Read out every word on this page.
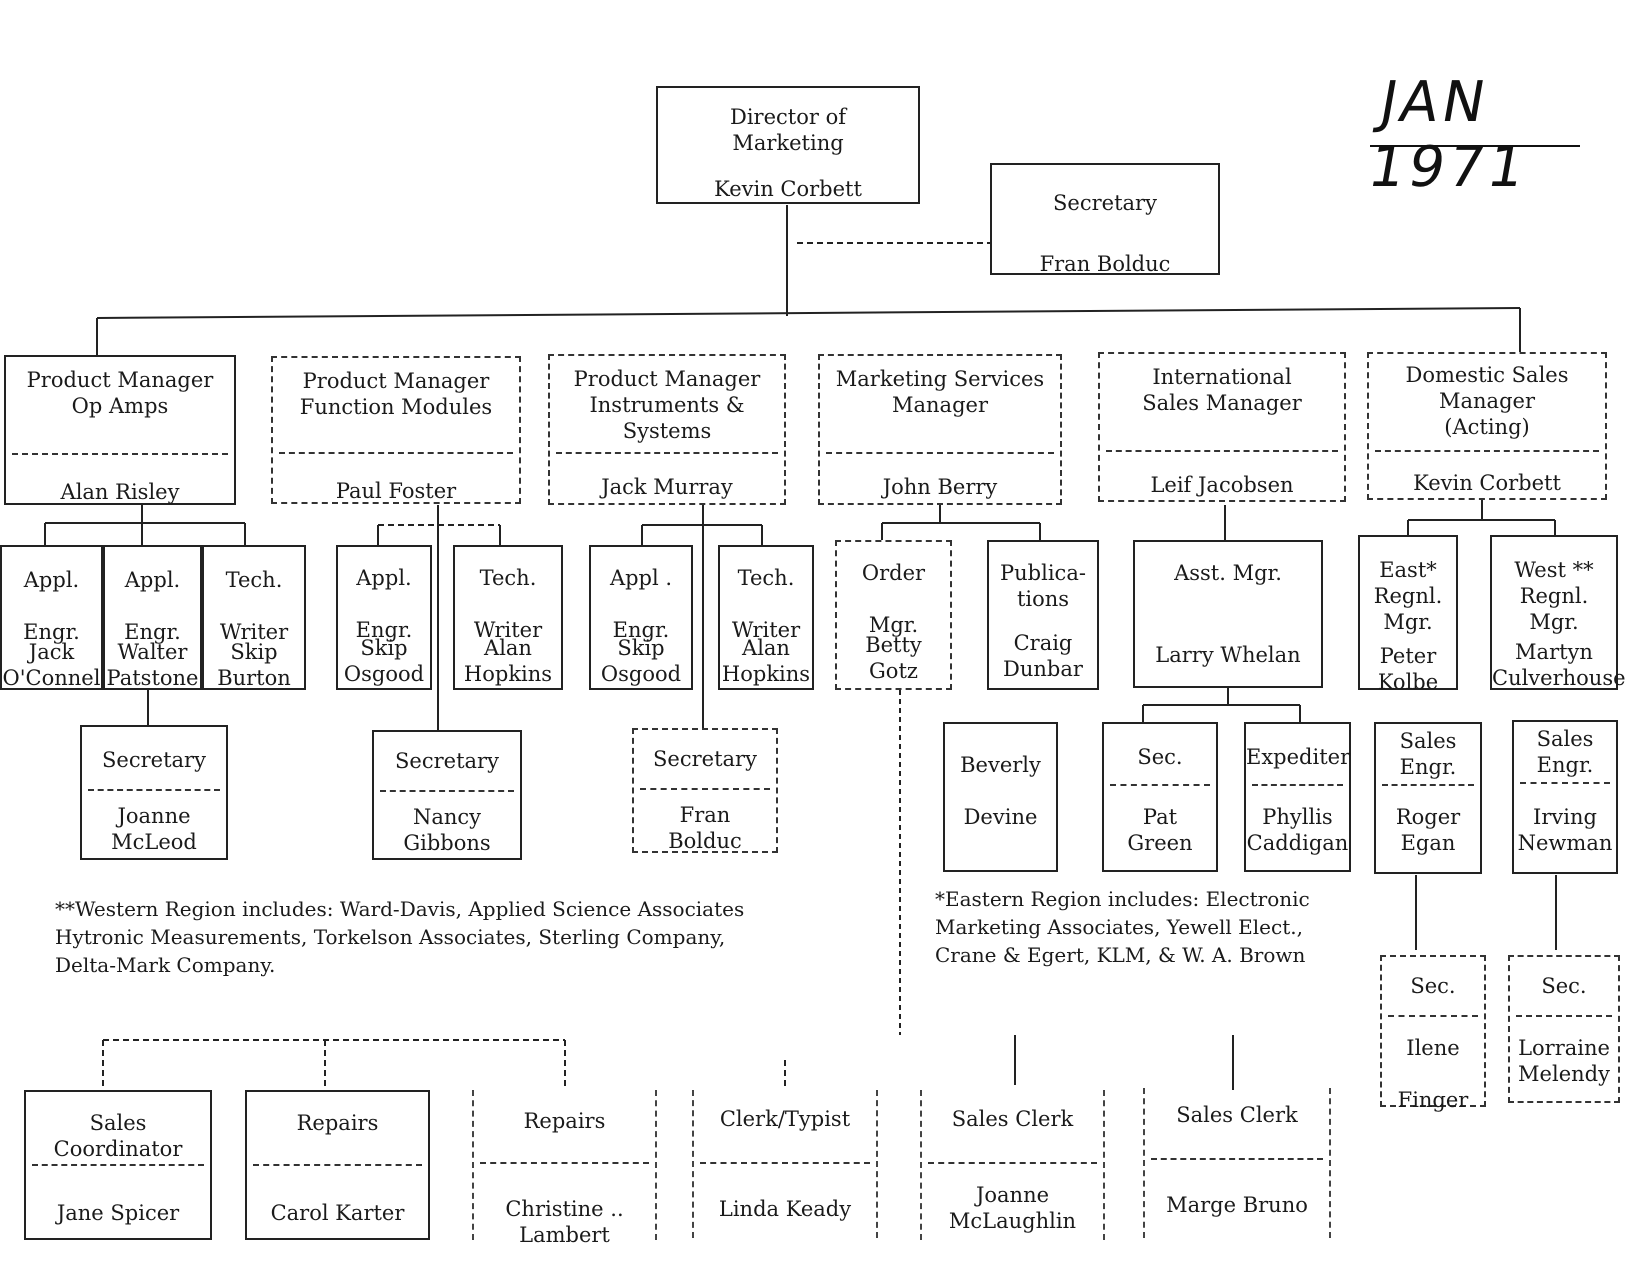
JAN 1971
Director of
Marketing
Kevin Corbett
Secretary
Fran Bolduc
Product Manager
Op Amps
Alan Risley
Product Manager
Function Modules
Paul Foster
Product Manager
Instruments &
Systems
Jack Murray
Marketing Services
Manager
John Berry
International
Sales Manager
Leif Jacobsen
Domestic Sales
Manager
(Acting)
Kevin Corbett
Appl.

Engr.
Jack
O'Connel
Appl.

Engr.
Walter
Patstone
Tech.

Writer
Skip
Burton
Appl.

Engr.
Skip
Osgood
Tech.

Writer
Alan
Hopkins
Appl .

Engr.
Skip
Osgood
Tech.

Writer
Alan
Hopkins
Order

Mgr.
Betty
Gotz
Publica-
tions
Craig
Dunbar
Asst. Mgr.
Larry Whelan
East*
Regnl.
Mgr.
Peter
Kolbe
West **
Regnl.
Mgr.
Martyn
Culverhouse
Secretary
Joanne
McLeod
Secretary
Nancy
Gibbons
Secretary
Fran
Bolduc
Beverly

Devine
Sec.
Pat
Green
Expediter
Phyllis
Caddigan
Sales
Engr.
Roger
Egan
Sales
Engr.
Irving
Newman
Sec.
Ilene

Finger
Sec.
Lorraine
Melendy
**Western Region includes: Ward-Davis, Applied Science Associates
Hytronic Measurements, Torkelson Associates, Sterling Company,
Delta-Mark Company.
*Eastern Region includes: Electronic
Marketing Associates, Yewell Elect.,
Crane & Egert, KLM, & W. A. Brown
Sales
Coordinator
Jane Spicer
Repairs
Carol Karter
Repairs
Christine ..
Lambert
Clerk/Typist
Linda Keady
Sales Clerk
Joanne
McLaughlin
Sales Clerk
Marge Bruno
